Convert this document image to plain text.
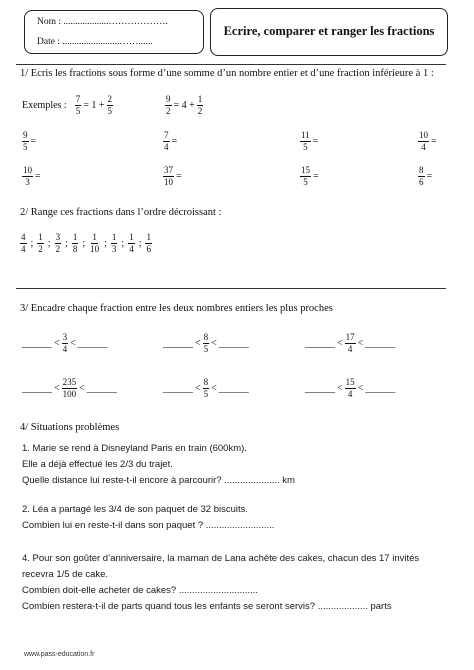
Nom : ...................……………….
Date : ........................……......
Ecrire, comparer et ranger les fractions
1/ Ecris les fractions sous forme d’une somme d’un nombre entier et d’une fraction inférieure à 1 :
Exemples : $\frac{7}{5} = 1 + \frac{2}{5}$	$\frac{9}{2} = 4 + \frac{1}{2}$
$\frac{9}{5}$ =	$\frac{7}{4}$ =	$\frac{11}{5}$ =	$\frac{10}{4}$ =
$\frac{10}{3}$ =	$\frac{37}{10}$ =	$\frac{15}{5}$ =	$\frac{8}{6}$ =
2/ Range ces fractions dans l’ordre décroissant :
$\frac{4}{4}$ ; $\frac{1}{2}$ ; $\frac{3}{2}$ ; $\frac{1}{8}$ ; $\frac{1}{10}$ ; $\frac{1}{3}$ ; $\frac{1}{4}$ ; $\frac{1}{6}$
3/ Encadre chaque fraction entre les deux nombres entiers les plus proches
______ < $\frac{3}{4}$ < ______	______ < $\frac{8}{5}$ < ______	______ < $\frac{17}{4}$ < ______
______ < $\frac{235}{100}$ < ______	______ < $\frac{8}{5}$ < ______	______ < $\frac{15}{4}$ < ______
4/ Situations problèmes
1. Marie se rend à Disneyland Paris en train (600km).
Elle a déjà effectué les 2/3 du trajet.
Quelle distance lui reste-t-il encore à parcourir? ..................... km
2. Léa a partagé les 3/4 de son paquet de 32 biscuits.
Combien lui en reste-t-il dans son paquet ? ..........................
4. Pour son goûter d’anniversaire, la maman de Lana achète des cakes, chacun des 17 invités
recevra 1/5 de cake.
Combien doit-elle acheter de cakes? ..............................
Combien restera-t-il de parts quand tous les enfants se seront servis? ................... parts
www.pass-education.fr
